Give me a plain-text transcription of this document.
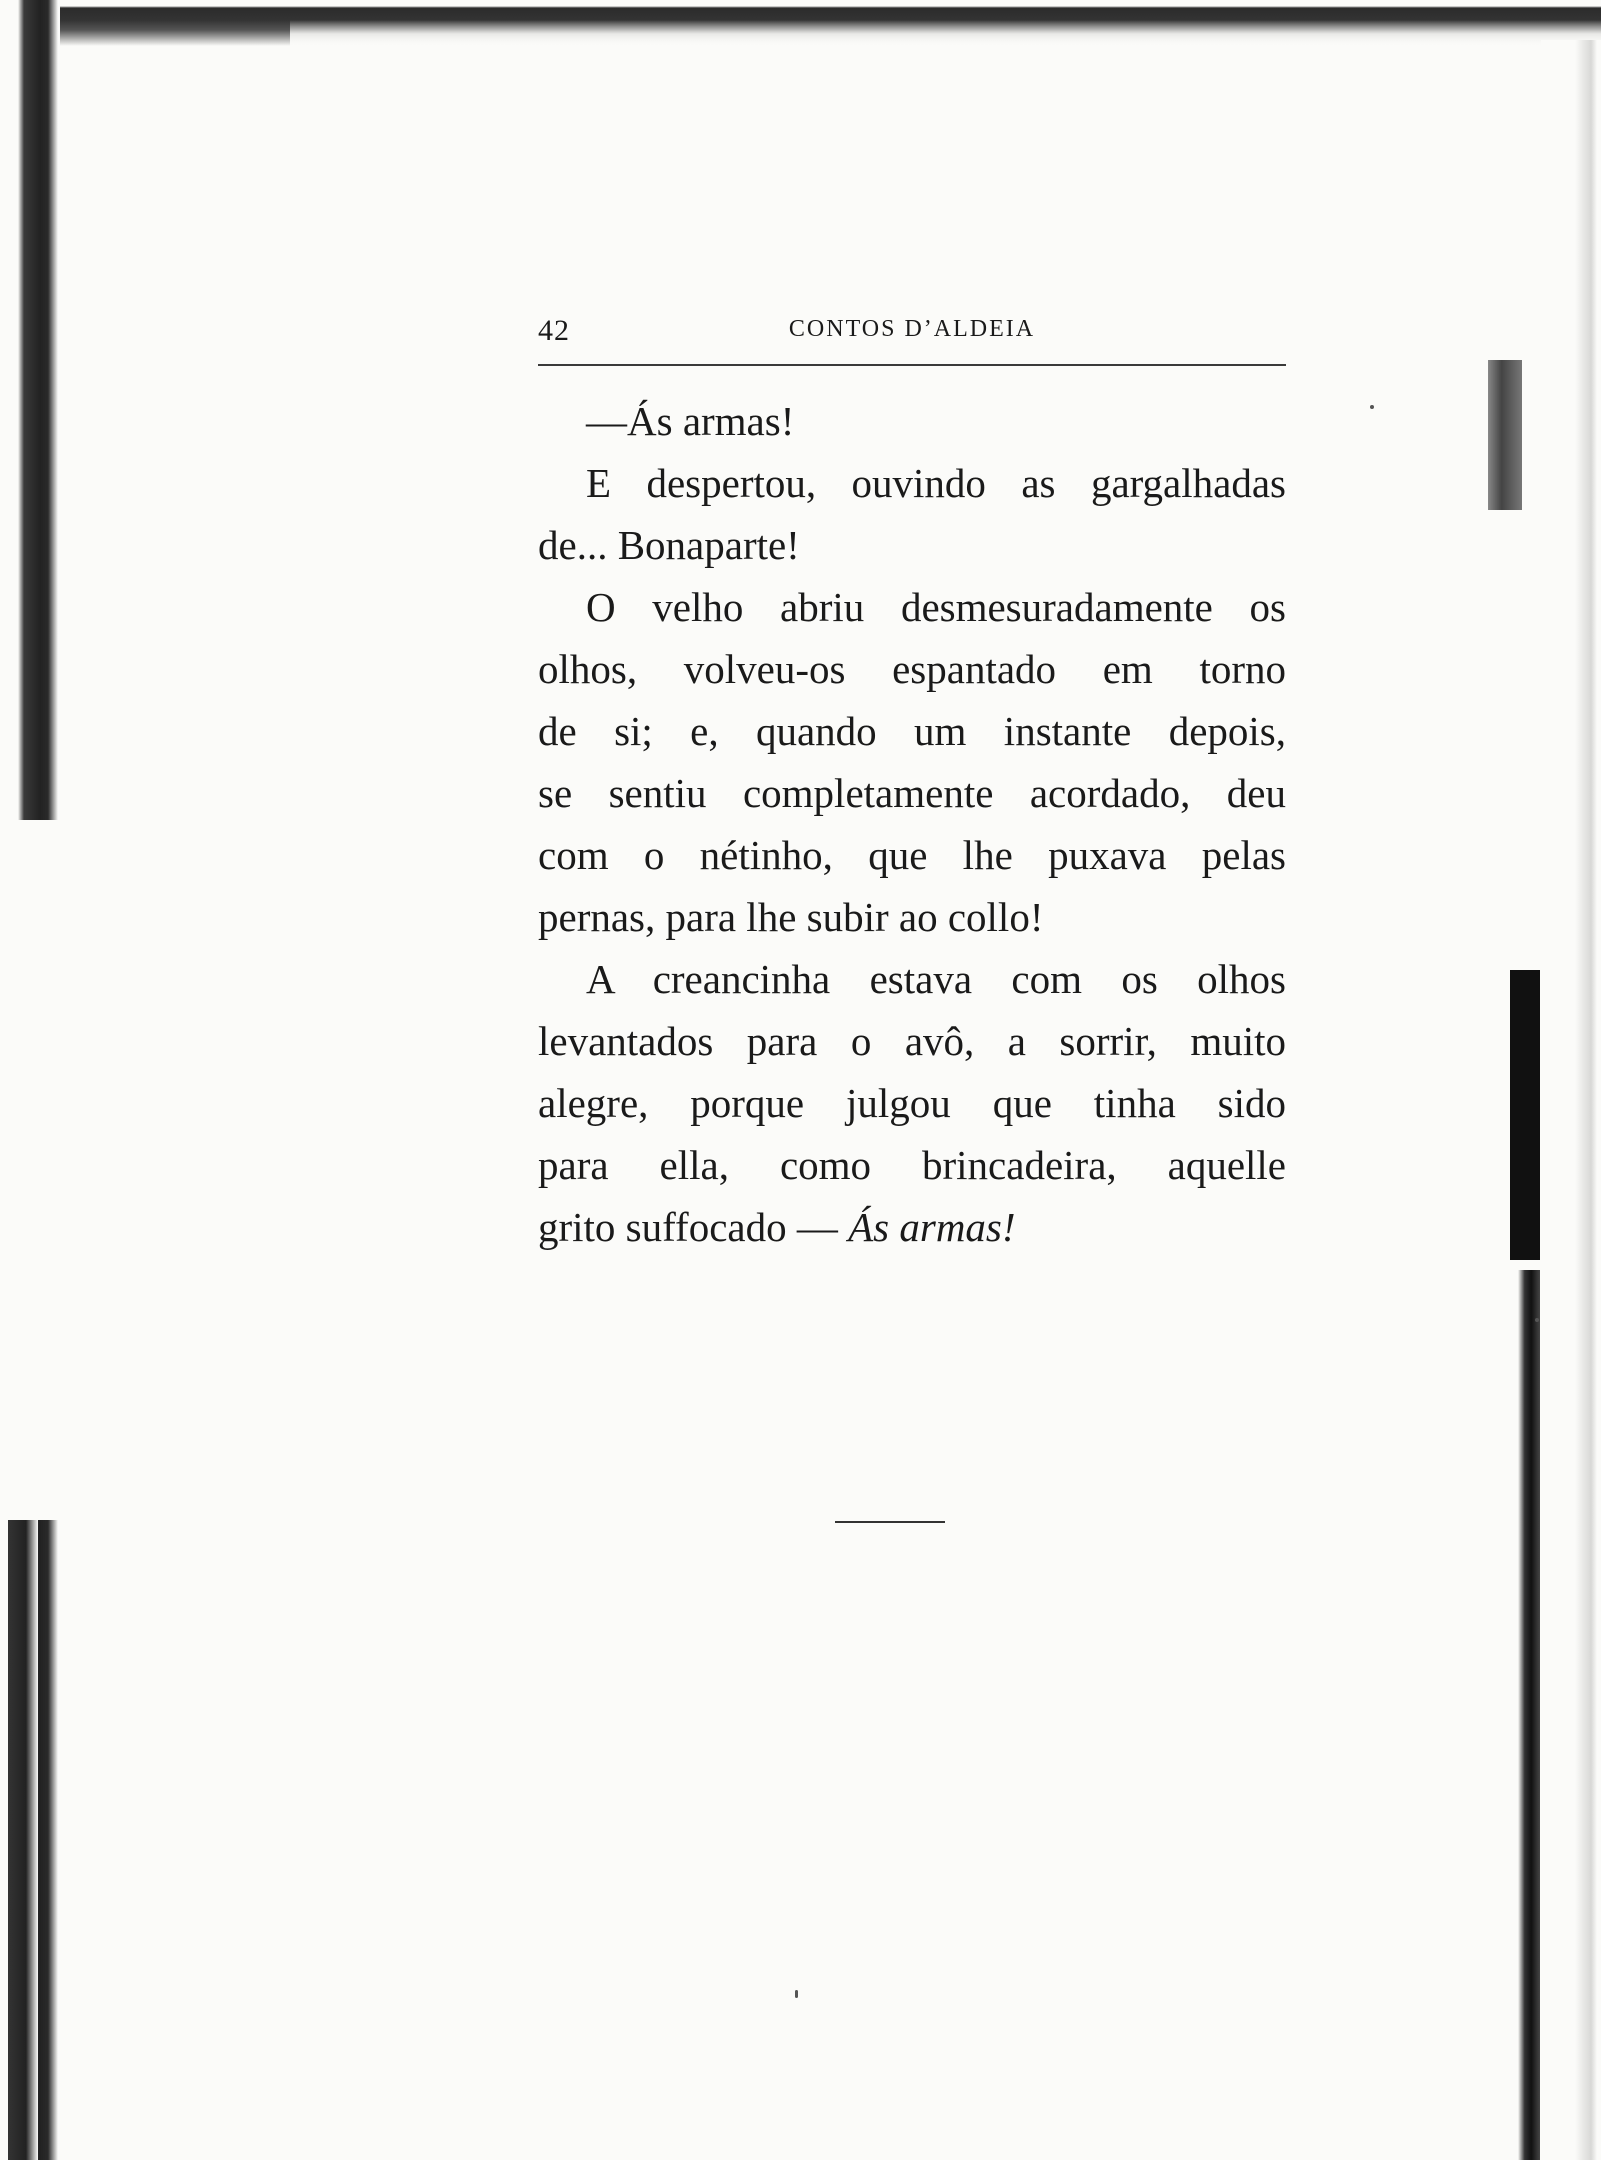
42	CONTOS D’ALDEIA

—Ás armas!

E despertou, ouvindo as gargalhadas
de... Bonaparte!

O velho abriu desmesuradamente os
olhos, volveu-os espantado em torno
de si; e, quando um instante depois,
se sentiu completamente acordado, deu
com o nétinho, que lhe puxava pelas
pernas, para lhe subir ao collo!

A creancinha estava com os olhos
levantados para o avô, a sorrir, muito
alegre, porque julgou que tinha sido
para ella, como brincadeira, aquelle
grito suffocado — Ás armas!
